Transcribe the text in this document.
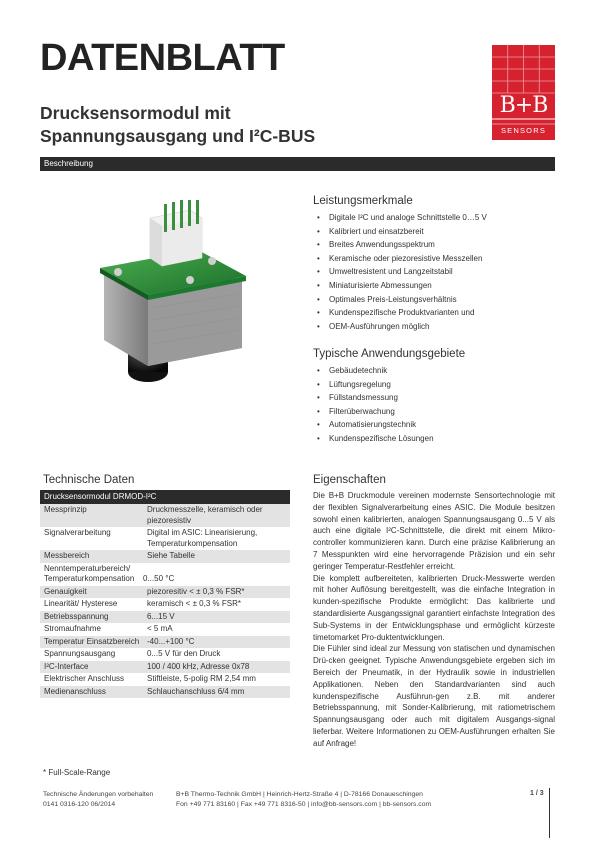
DATENBLATT
Drucksensormodul mit
Spannungsausgang und I²C-BUS
B+B
SENSORS
Beschreibung
Leistungsmerkmale
• Digitale I²C und analoge Schnittstelle 0…5 V
• Kalibriert und einsatzbereit
• Breites Anwendungsspektrum
• Keramische oder piezoresistive Messzellen
• Umweltresistent und Langzeitstabil
• Miniaturisierte Abmessungen
• Optimales Preis-Leistungsverhältnis
• Kundenspezifische Produktvarianten und
• OEM-Ausführungen möglich
Typische Anwendungsgebiete
• Gebäudetechnik
• Lüftungsregelung
• Füllstandsmessung
• Filterüberwachung
• Automatisierungstechnik
• Kundenspezifische Lösungen
Technische Daten
Drucksensormodul DRMOD-I²C
Messprinzip	Druckmesszelle, keramisch oder piezoresistiv
Signalverarbeitung	Digital im ASIC: Linearisierung, Temperaturkompensation
Messbereich	Siehe Tabelle
Nenntemperaturbereich/ Temperaturkompensation	0...50 °C
Genauigkeit	piezoresitiv < ± 0,3 % FSR*
Linearität/ Hysterese	keramisch < ± 0,3 % FSR*
Betriebsspannung	6...15 V
Stromaufnahme	< 5 mA
Temperatur Einsatzbereich -40...+100 °C
Spannungsausgang	0...5 V für den Druck
I²C-Interface	100 / 400 kHz, Adresse 0x78
Elektrischer Anschluss	Stiftleiste, 5-polig RM 2,54 mm
Medienanschluss	Schlauchanschluss 6/4 mm
Eigenschaften

Die B+B Druckmodule vereinen modernste Sensortechnologie mit der flexiblen Signalverarbeitung eines ASIC. Die Module besitzen sowohl einen kalibrierten, analogen Spannungsausgang 0...5 V als auch eine digitale I²C-Schnittstelle, die direkt mit einem Mikro-controller kommunizieren kann. Durch eine präzise Kalibrierung an 7 Messpunkten wird eine hervorragende Präzision und ein sehr geringer Temperatur-Restfehler erreicht.

Die komplett aufbereiteten, kalibrierten Druck-Messwerte werden mit hoher Auflösung bereitgestellt, was die einfache Integration in kunden-spezifische Produkte ermöglicht: Das kalibrierte und standardisierte Ausgangssignal garantiert einfachste Integration des Sub-Systems in der Entwicklungsphase und ermöglicht kürzeste timetomarket Pro-duktentwicklungen.

Die Fühler sind ideal zur Messung von statischen und dynamischen Drü-cken geeignet. Typische Anwendungsgebiete ergeben sich im Bereich der Pneumatik, in der Hydraulik sowie in industriellen Applikationen. Neben den Standardvarianten sind auch kundenspezifische Ausführun-gen z.B. mit anderer Betriebsspannung, mit Sonder-Kalibrierung, mit ratiometrischem Spannungsausgang oder auch mit digitalem Ausgangs-signal lieferbar. Weitere Informationen zu OEM-Ausführungen erhalten Sie auf Anfrage!

* Full-Scale-Range
Technische Änderungen vorbehalten
0141 0316-120 06/2014
B+B Thermo-Technik GmbH | Heinrich-Hertz-Straße 4 | D-78166 Donaueschingen
Fon +49 771 83160 | Fax +49 771 8316-50 | info@bb-sensors.com | bb-sensors.com
1 / 3
